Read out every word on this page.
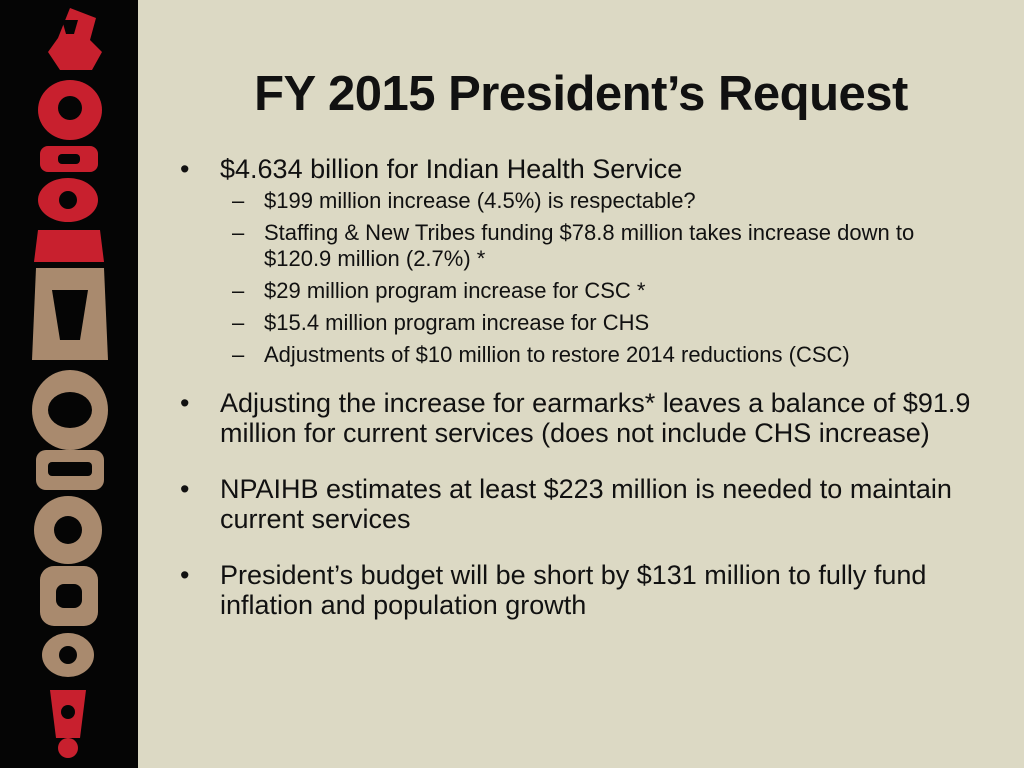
FY 2015 President’s Request
• $4.634 billion for Indian Health Service
– $199 million increase (4.5%) is respectable?
– Staffing & New Tribes funding $78.8 million takes increase down to $120.9 million (2.7%) *
– $29 million program increase for CSC *
– $15.4 million program increase for CHS
– Adjustments of $10 million to restore 2014 reductions (CSC)
• Adjusting the increase for earmarks* leaves a balance of $91.9 million for current services (does not include CHS increase)
• NPAIHB estimates at least $223 million is needed to maintain current services
• President’s budget will be short by $131 million to fully fund inflation and population growth
